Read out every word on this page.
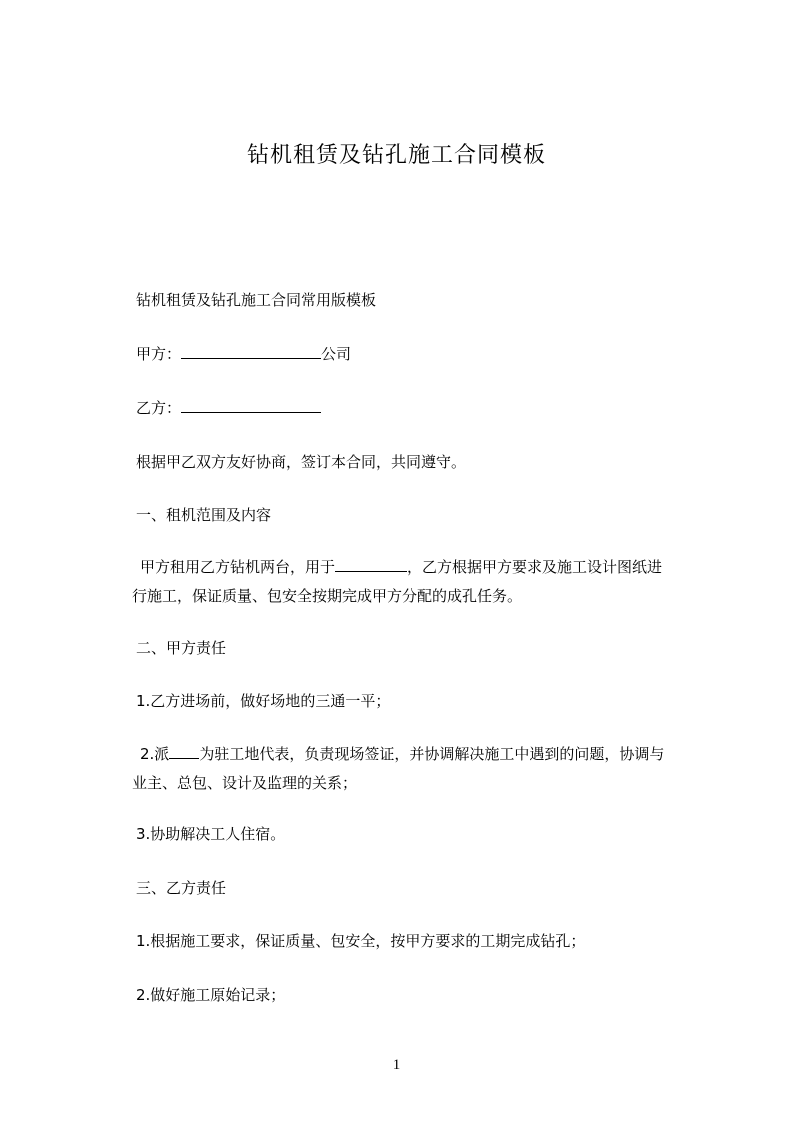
钻机租赁及钻孔施工合同模板
钻机租赁及钻孔施工合同常用版模板
甲方：	公司
乙方：
根据甲乙双方友好协商，签订本合同，共同遵守。
一、租机范围及内容
甲方租用乙方钻机两台，用于	，乙方根据甲方要求及施工设计图纸进
行施工，保证质量、包安全按期完成甲方分配的成孔任务。
二、甲方责任
1.乙方进场前，做好场地的三通一平；
2.派 为驻工地代表，负责现场签证，并协调解决施工中遇到的问题，协调与
业主、总包、设计及监理的关系；
3.协助解决工人住宿。
三、乙方责任
1.根据施工要求，保证质量、包安全，按甲方要求的工期完成钻孔；
2.做好施工原始记录；
1
